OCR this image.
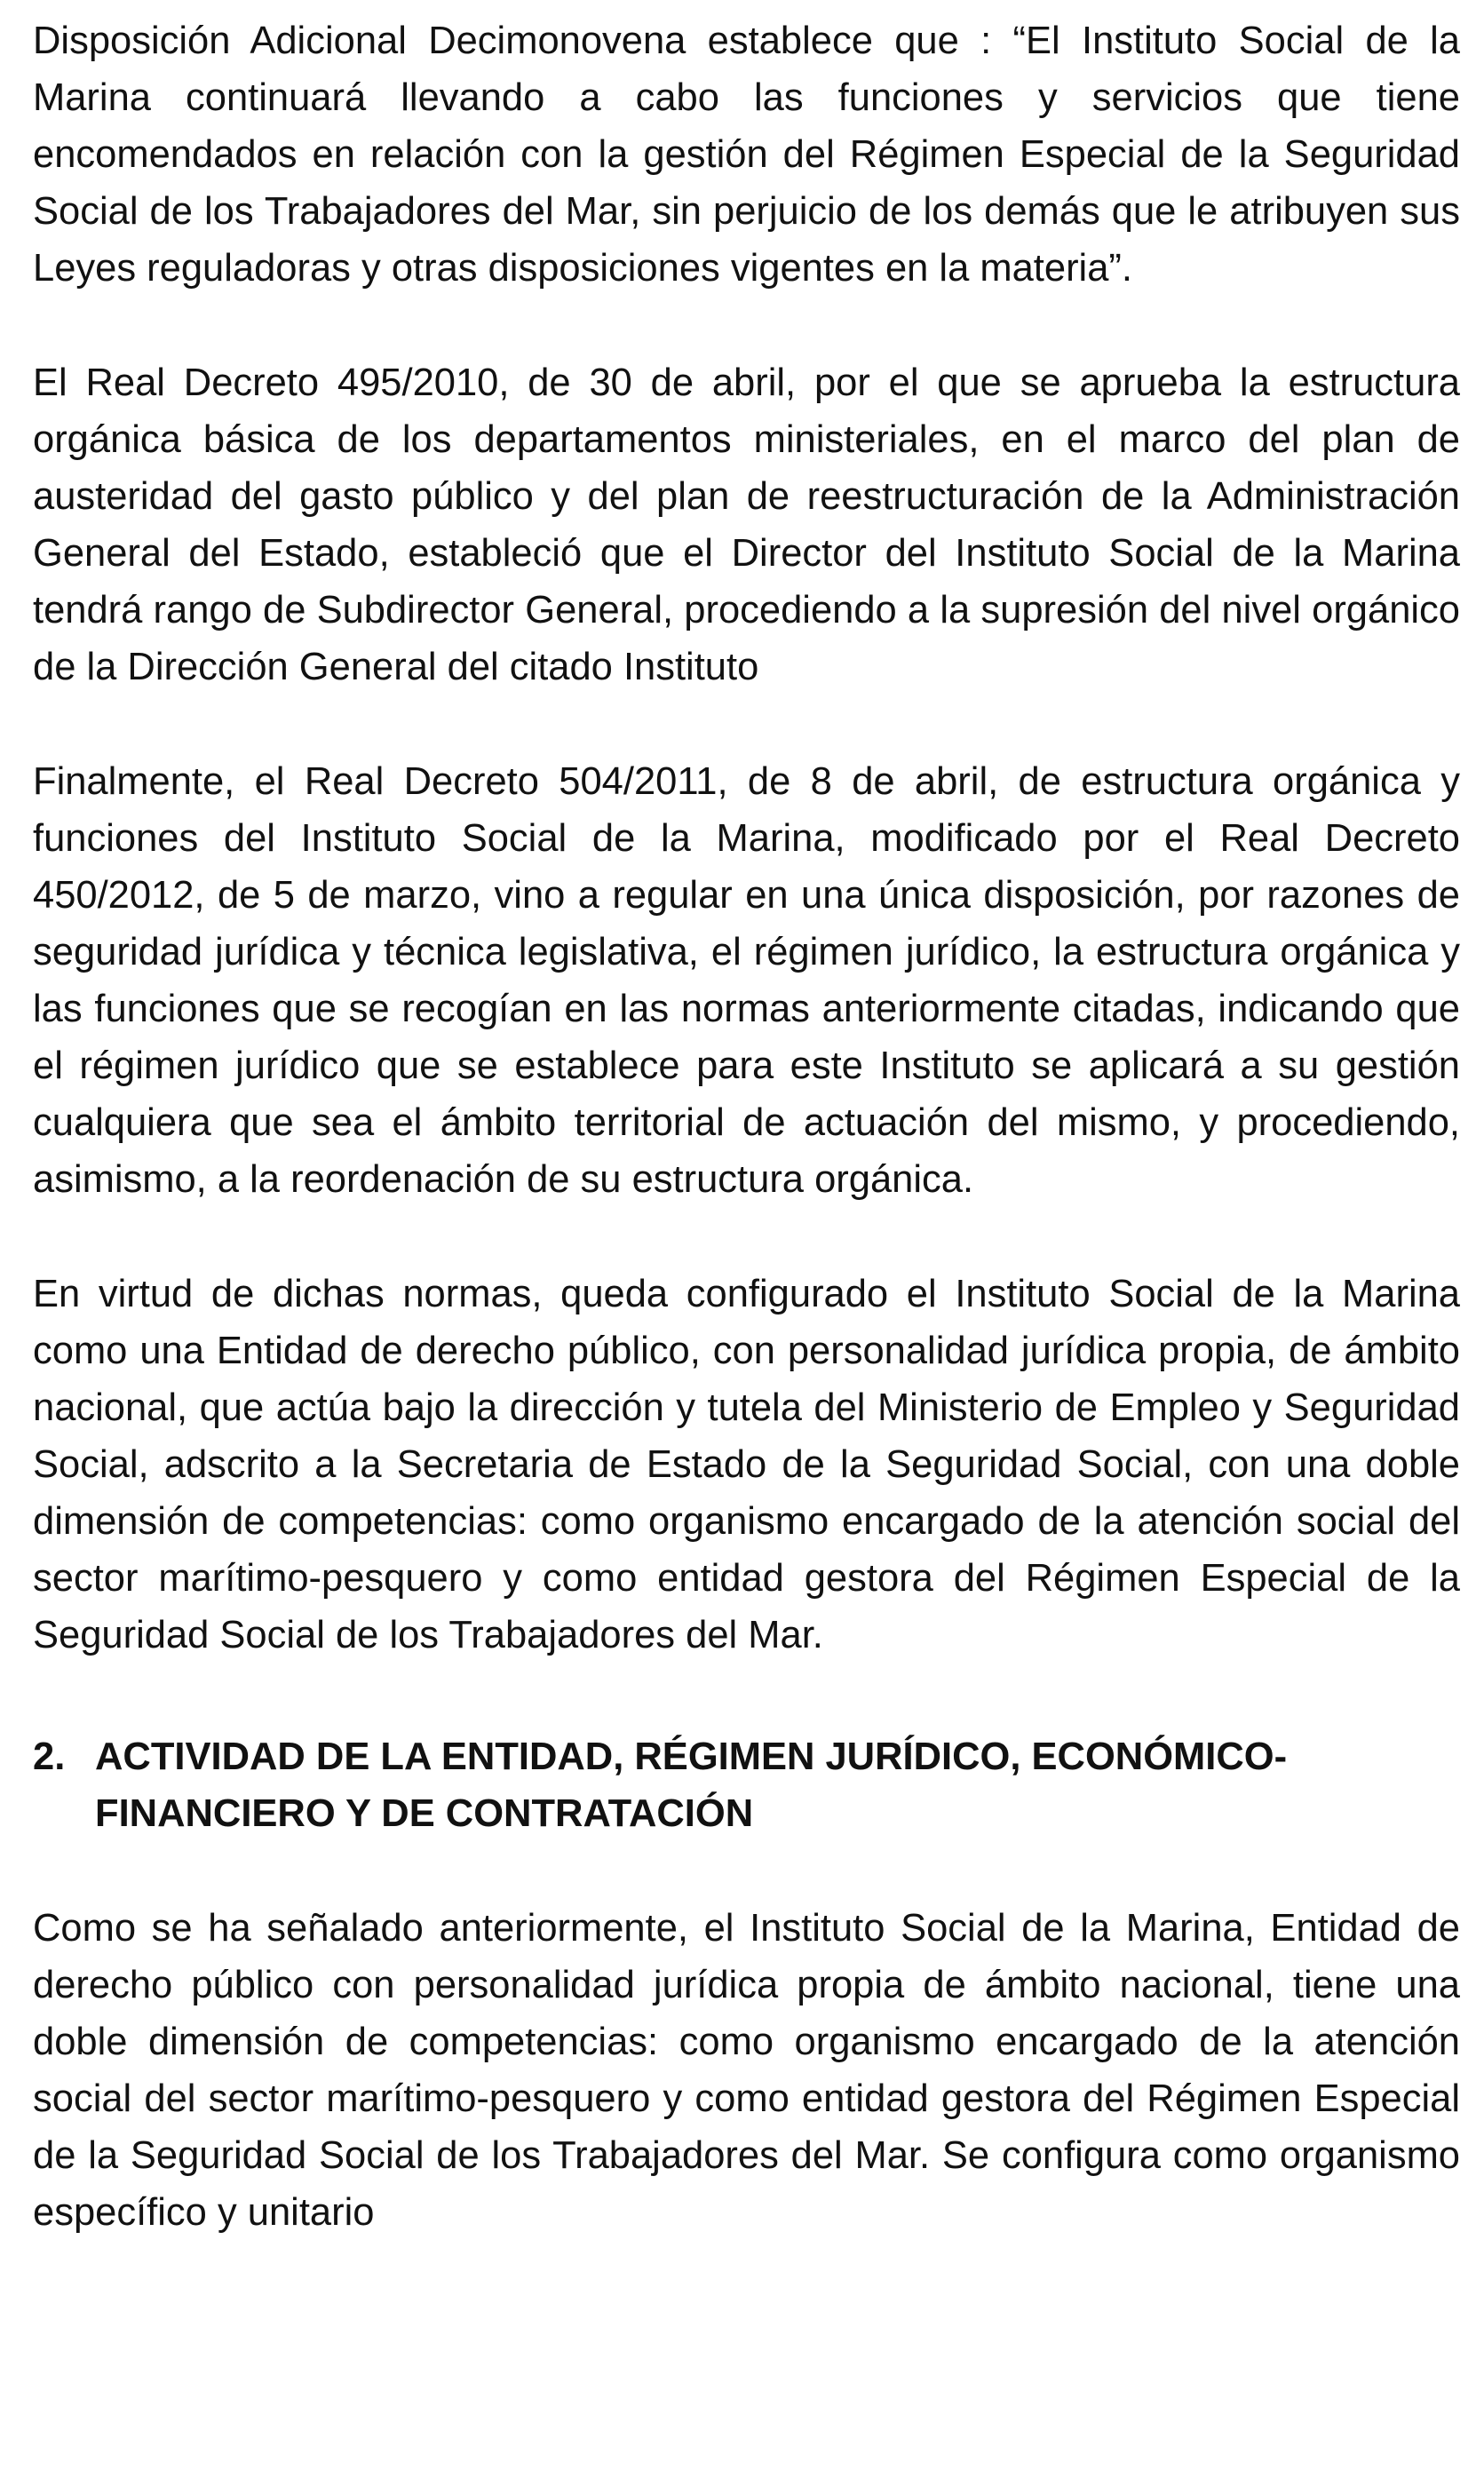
Disposición Adicional Decimonovena establece que : “El Instituto Social de la Marina continuará llevando a cabo las funciones y servicios que tiene encomendados en relación con la gestión del Régimen Especial de la Seguridad Social de los Trabajadores del Mar, sin perjuicio de los demás que le atribuyen sus Leyes reguladoras y otras disposiciones vigentes en la materia”.

El Real Decreto 495/2010, de 30 de abril, por el que se aprueba la estructura orgánica básica de los departamentos ministeriales, en el marco del plan de austeridad del gasto público y del plan de reestructuración de la Administración General del Estado, estableció que el Director del Instituto Social de la Marina tendrá rango de Subdirector General, procediendo a la supresión del nivel orgánico de la Dirección General del citado Instituto

Finalmente, el Real Decreto 504/2011, de 8 de abril, de estructura orgánica y funciones del Instituto Social de la Marina, modificado por el Real Decreto 450/2012, de 5 de marzo, vino a regular en una única disposición, por razones de seguridad jurídica y técnica legislativa, el régimen jurídico, la estructura orgánica y las funciones que se recogían en las normas anteriormente citadas, indicando que el régimen jurídico que se establece para este Instituto se aplicará a su gestión cualquiera que sea el ámbito territorial de actuación del mismo, y procediendo, asimismo, a la reordenación de su estructura orgánica.

En virtud de dichas normas, queda configurado el Instituto Social de la Marina como una Entidad de derecho público, con personalidad jurídica propia, de ámbito nacional, que actúa bajo la dirección y tutela del Ministerio de Empleo y Seguridad Social, adscrito a la Secretaria de Estado de la Seguridad Social, con una doble dimensión de competencias: como organismo encargado de la atención social del sector marítimo-pesquero y como entidad gestora del Régimen Especial de la Seguridad Social de los Trabajadores del Mar.

2. ACTIVIDAD DE LA ENTIDAD, RÉGIMEN JURÍDICO, ECONÓMICO-FINANCIERO Y DE CONTRATACIÓN

Como se ha señalado anteriormente, el Instituto Social de la Marina, Entidad de derecho público con personalidad jurídica propia de ámbito nacional, tiene una doble dimensión de competencias: como organismo encargado de la atención social del sector marítimo-pesquero y como entidad gestora del Régimen Especial de la Seguridad Social de los Trabajadores del Mar. Se configura como organismo específico y unitario
